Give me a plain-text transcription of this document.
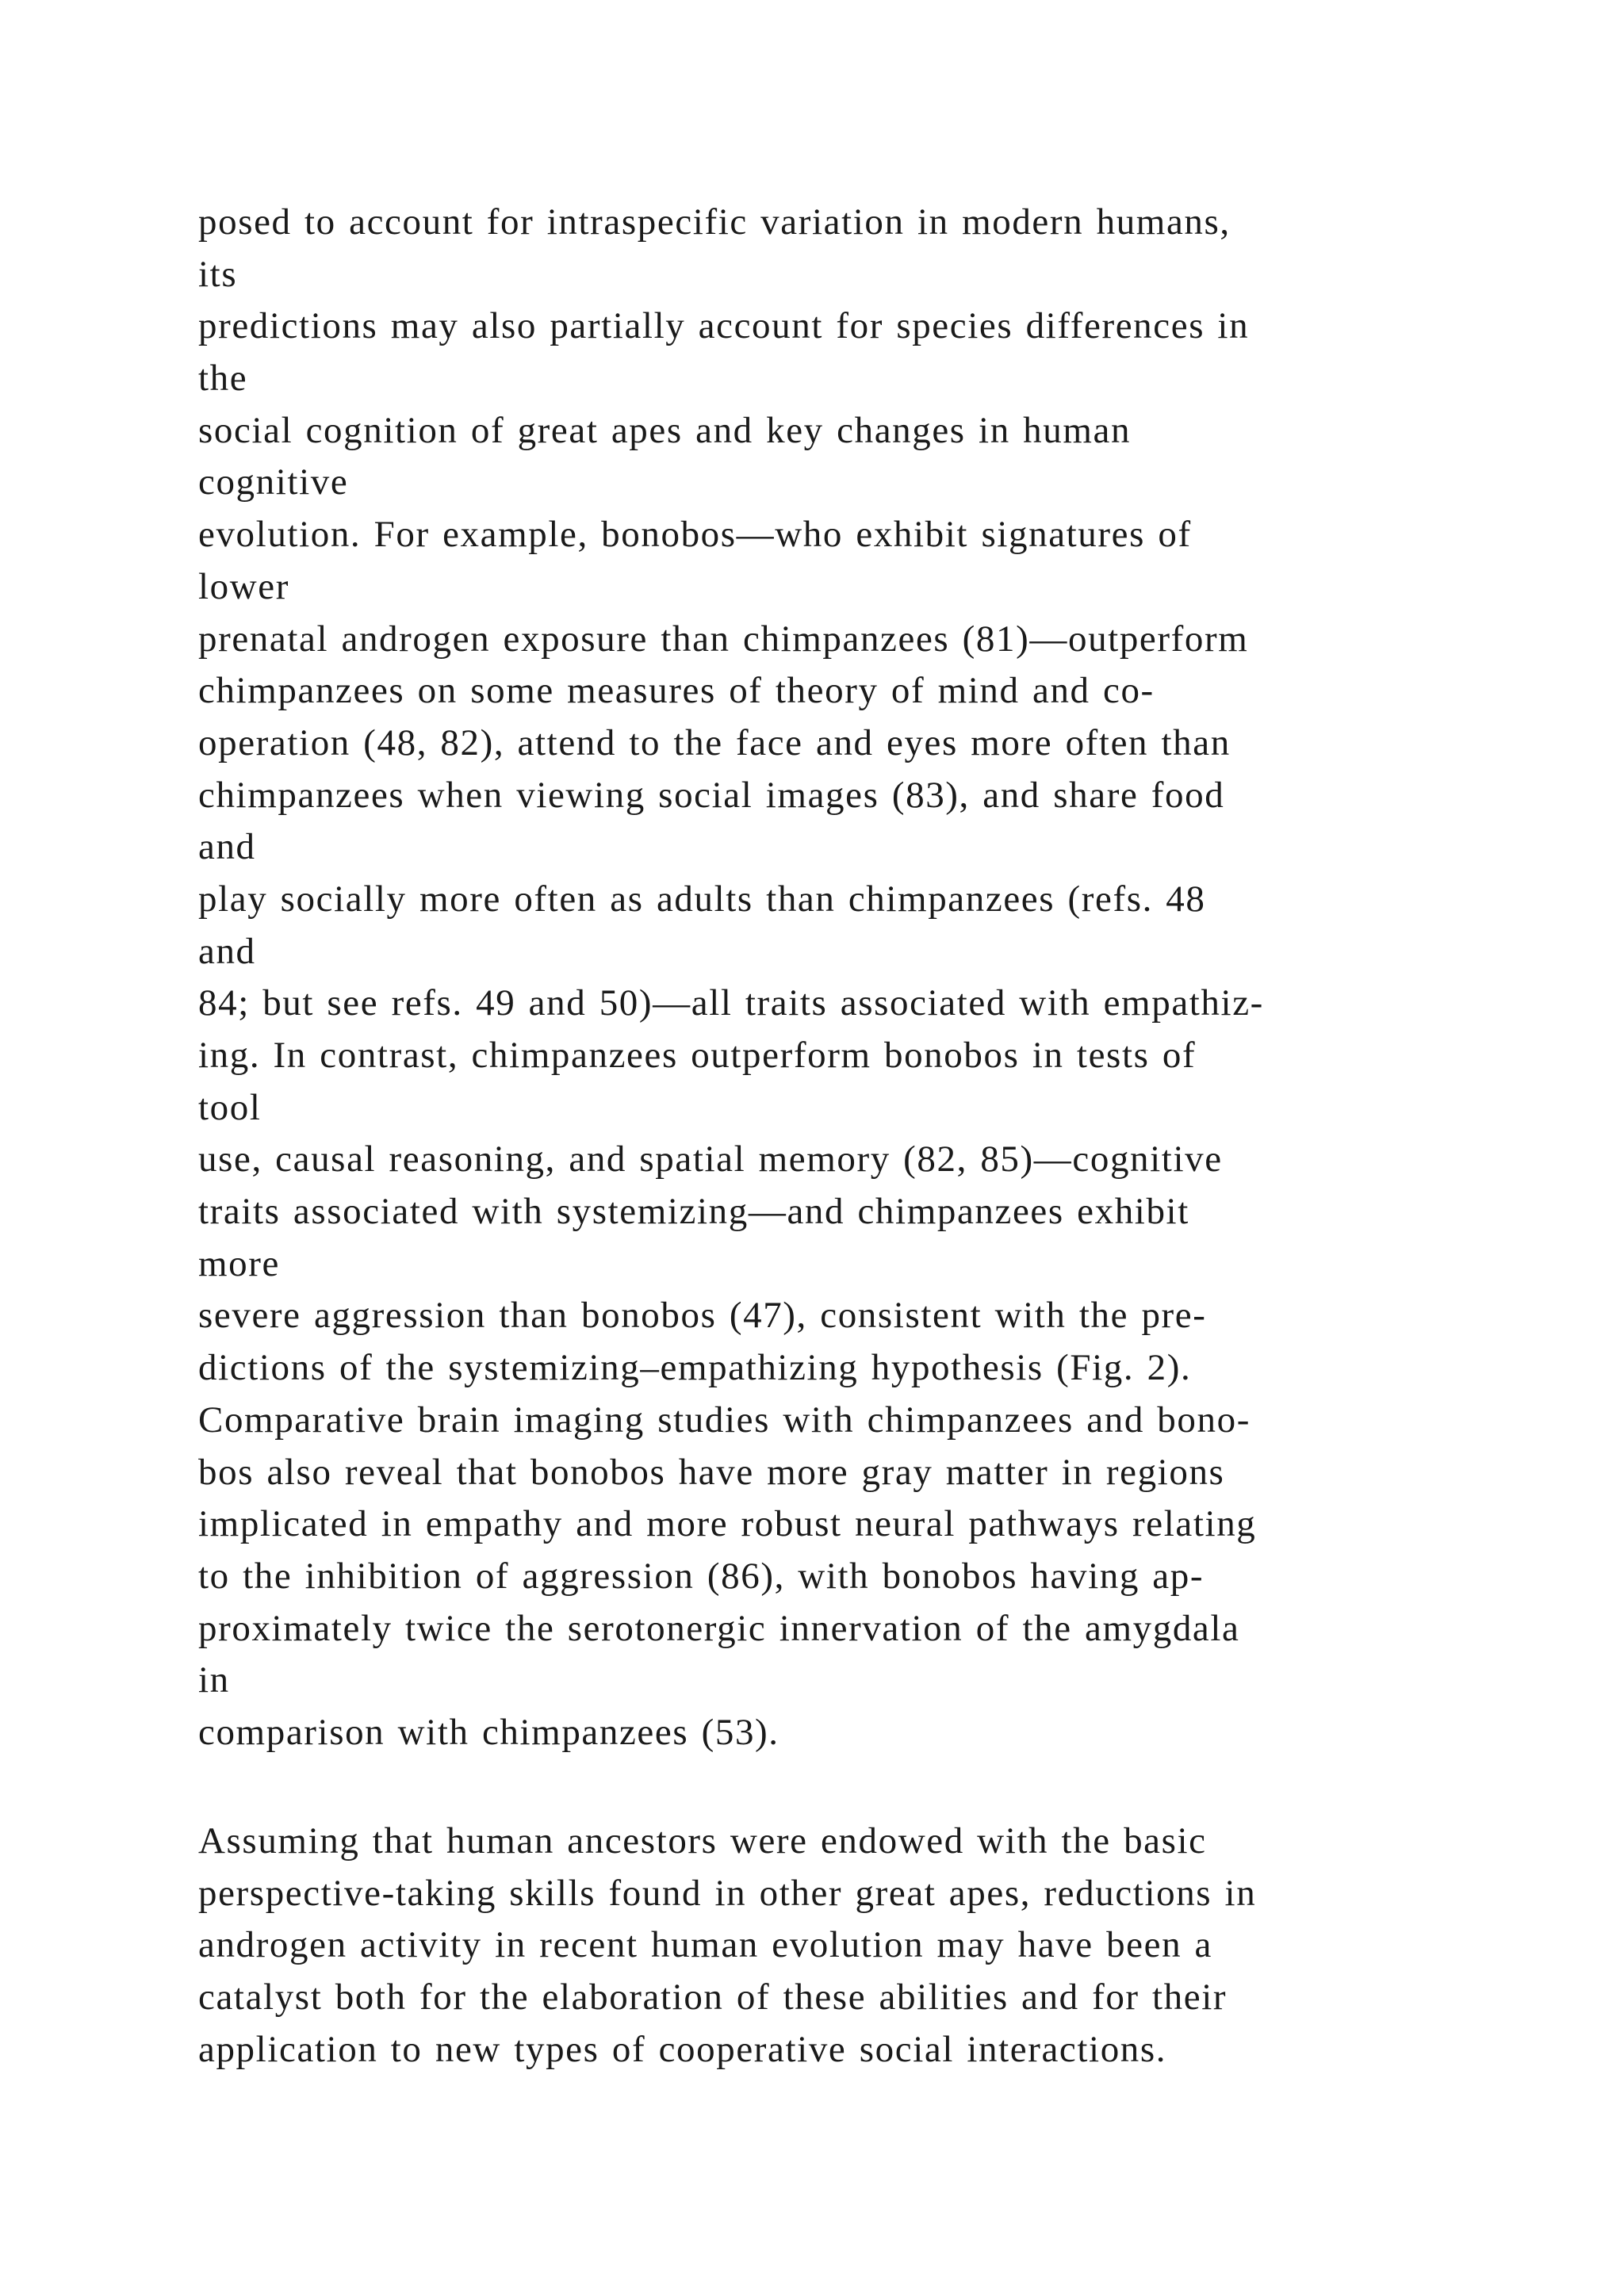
posed to account for intraspecific variation in modern humans,
its
predictions may also partially account for species differences in
the
social cognition of great apes and key changes in human
cognitive
evolution. For example, bonobos—who exhibit signatures of
lower
prenatal androgen exposure than chimpanzees (81)—outperform
chimpanzees on some measures of theory of mind and co-
operation (48, 82), attend to the face and eyes more often than
chimpanzees when viewing social images (83), and share food
and
play socially more often as adults than chimpanzees (refs. 48
and
84; but see refs. 49 and 50)—all traits associated with empathiz-
ing. In contrast, chimpanzees outperform bonobos in tests of
tool
use, causal reasoning, and spatial memory (82, 85)—cognitive
traits associated with systemizing—and chimpanzees exhibit
more
severe aggression than bonobos (47), consistent with the pre-
dictions of the systemizing–empathizing hypothesis (Fig. 2).
Comparative brain imaging studies with chimpanzees and bono-
bos also reveal that bonobos have more gray matter in regions
implicated in empathy and more robust neural pathways relating
to the inhibition of aggression (86), with bonobos having ap-
proximately twice the serotonergic innervation of the amygdala
in
comparison with chimpanzees (53).
Assuming that human ancestors were endowed with the basic
perspective-taking skills found in other great apes, reductions in
androgen activity in recent human evolution may have been a
catalyst both for the elaboration of these abilities and for their
application to new types of cooperative social interactions.
